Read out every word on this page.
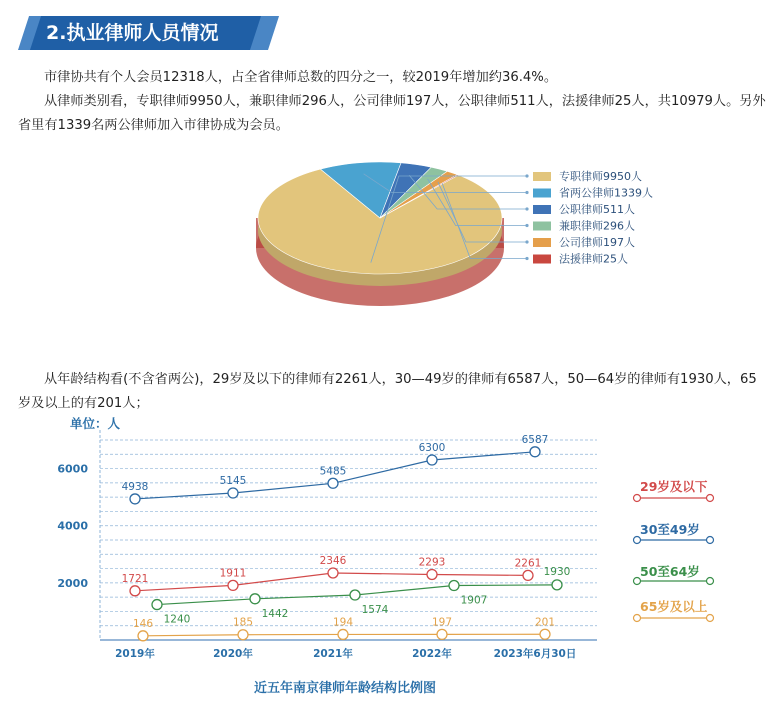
2.执业律师人员情况

市律协共有个人会员12318人，占全省律师总数的四分之一，较2019年增加约36.4%。

从律师类别看，专职律师9950人，兼职律师296人，公司律师197人，公职律师511人，法援律师25人，共10979人。另外省里有1339名两公律师加入市律协成为会员。

从年龄结构看(不含省两公)，29岁及以下的律师有2261人，30—49岁的律师有6587人，50—64岁的律师有1930人，65岁及以上的有201人；

专职律师9950人
省两公律师1339人
公职律师511人
兼职律师296人
公司律师197人
法援律师25人
单位：人
2000
4000
6000
2019年	2020年	2021年	2022年	2023年6月30日
1721	1911
2346	2293	2261
4938	5145
5485
6300
6587
1240	1442	1574
1907
1930
146	185	194	197	201
29岁及以下
30至49岁
50至64岁
65岁及以上
近五年南京律师年龄结构比例图
